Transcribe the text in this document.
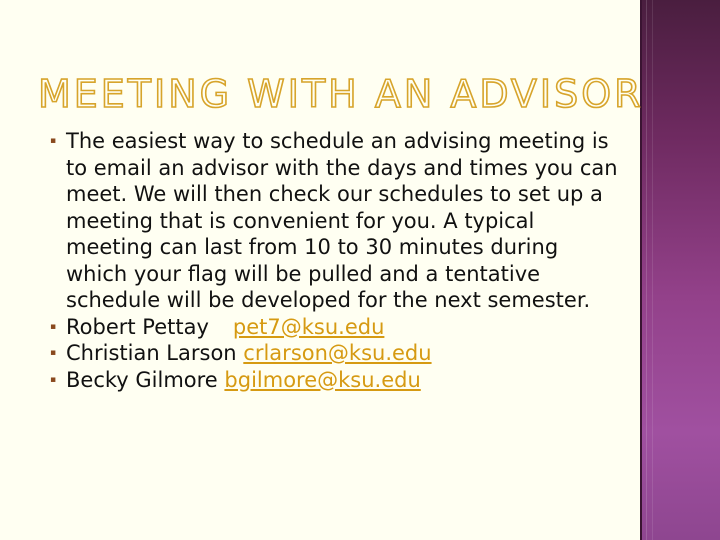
MEETING WITH AN ADVISOR
▪ The easiest way to schedule an advising meeting is to email an advisor with the days and times you can meet. We will then check our schedules to set up a meeting that is convenient for you. A typical meeting can last from 10 to 30 minutes during which your flag will be pulled and a tentative schedule will be developed for the next semester.
▪ Robert Pettay pet7@ksu.edu
▪ Christian Larson crlarson@ksu.edu
▪ Becky Gilmore bgilmore@ksu.edu
